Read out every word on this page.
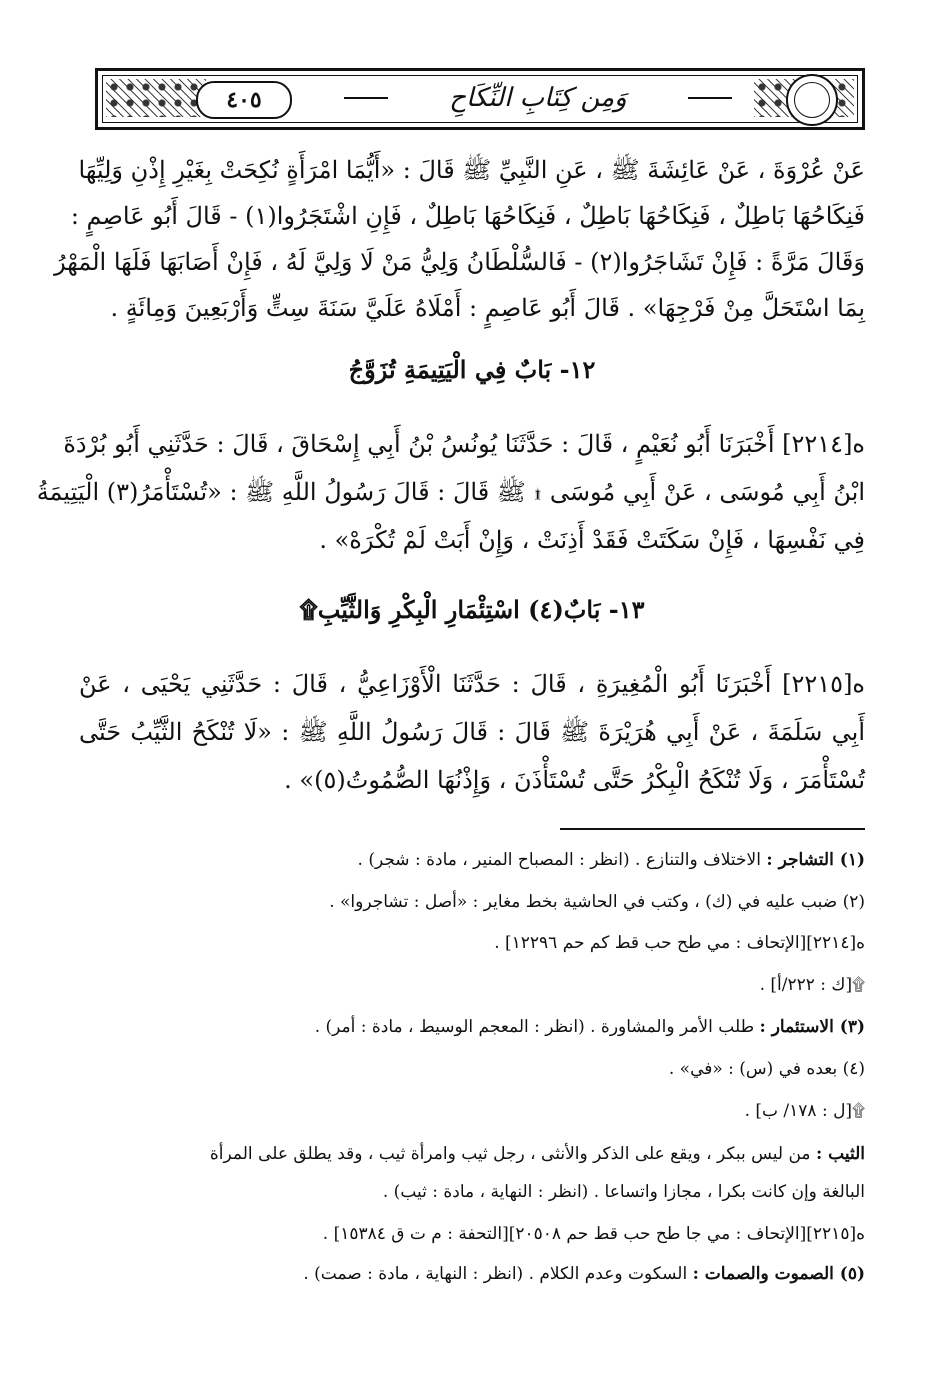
٤٠٥	وَمِن كِتَابِ النِّكَاحِ
عَنْ عُرْوَةَ ، عَنْ عَائِشَةَ ﷺ ، عَنِ النَّبِيِّ ﷺ قَالَ : «أَيُّمَا امْرَأَةٍ نُكِحَتْ بِغَيْرِ إِذْنِ وَلِيِّهَا
فَنِكَاحُهَا بَاطِلٌ ، فَنِكَاحُهَا بَاطِلٌ ، فَنِكَاحُهَا بَاطِلٌ ، فَإِنِ اشْتَجَرُوا(١) - قَالَ أَبُو عَاصِمٍ :
وَقَالَ مَرَّةً : فَإِنْ تَشَاجَرُوا(٢) - فَالسُّلْطَانُ وَلِيُّ مَنْ لَا وَلِيَّ لَهُ ، فَإِنْ أَصَابَهَا فَلَهَا الْمَهْرُ
بِمَا اسْتَحَلَّ مِنْ فَرْجِهَا» . قَالَ أَبُو عَاصِمٍ : أَمْلَاهُ عَلَيَّ سَنَةَ سِتٍّ وَأَرْبَعِينَ وَمِائَةٍ .
١٢- بَابٌ فِي الْيَتِيمَةِ تُزَوَّجُ
ه[٢٢١٤] أَخْبَرَنَا أَبُو نُعَيْمٍ ، قَالَ : حَدَّثَنَا يُونُسُ بْنُ أَبِي إِسْحَاقَ ، قَالَ : حَدَّثَنِي أَبُو بُرْدَةَ
ابْنُ أَبِي مُوسَى ، عَنْ أَبِي مُوسَى ۩ ﷺ قَالَ : قَالَ رَسُولُ اللَّهِ ﷺ : «تُسْتَأْمَرُ(٣) الْيَتِيمَةُ
فِي نَفْسِهَا ، فَإِنْ سَكَتَتْ فَقَدْ أَذِنَتْ ، وَإِنْ أَبَتْ لَمْ تُكْرَهْ» .
١٣- بَابٌ(٤) اسْتِئْمَارِ الْبِكْرِ وَالثَّيِّبِ۩
ه[٢٢١٥] أَخْبَرَنَا أَبُو الْمُغِيرَةِ ، قَالَ : حَدَّثَنَا الْأَوْزَاعِيُّ ، قَالَ : حَدَّثَنِي يَحْيَى ، عَنْ
أَبِي سَلَمَةَ ، عَنْ أَبِي هُرَيْرَةَ ﷺ قَالَ : قَالَ رَسُولُ اللَّهِ ﷺ : «لَا تُنْكَحُ الثَّيِّبُ حَتَّى
تُسْتَأْمَرَ ، وَلَا تُنْكَحُ الْبِكْرُ حَتَّى تُسْتَأْذَنَ ، وَإِذْنُهَا الصُّمُوتُ(٥)» .
(١) التشاجر : الاختلاف والتنازع . (انظر : المصباح المنير ، مادة : شجر) .
(٢) ضبب عليه في (ك) ، وكتب في الحاشية بخط مغاير : «أصل : تشاجروا» .
ه[٢٢١٤][الإتحاف : مي طح حب قط كم حم ١٢٢٩٦] .
۩[ك : ٢٢٢/أ] .
(٣) الاستئمار : طلب الأمر والمشاورة . (انظر : المعجم الوسيط ، مادة : أمر) .
(٤) بعده في (س) : «في» .
۩[ل : ١٧٨/ ب] .
الثيب : من ليس ببكر ، ويقع على الذكر والأنثى ، رجل ثيب وامرأة ثيب ، وقد يطلق على المرأة
البالغة وإن كانت بكرا ، مجازا واتساعا . (انظر : النهاية ، مادة : ثيب) .
ه[٢٢١٥][الإتحاف : مي جا طح حب قط حم ٢٠٥٠٨][التحفة : م ت ق ١٥٣٨٤] .
(٥) الصموت والصمات : السكوت وعدم الكلام . (انظر : النهاية ، مادة : صمت) .
